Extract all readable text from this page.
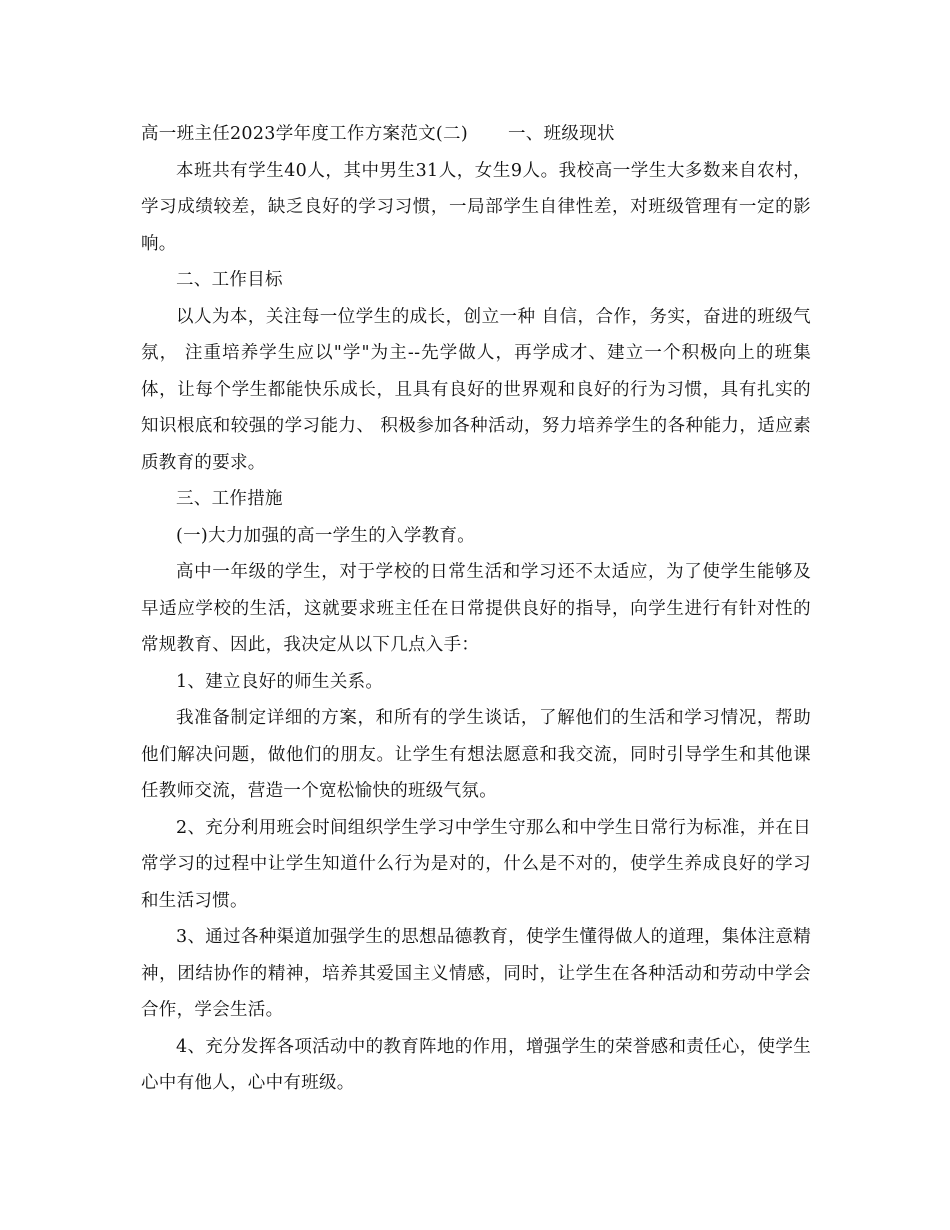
高一班主任2023学年度工作方案范文(二) 一、班级现状

本班共有学生40人，其中男生31人，女生9人。我校高一学生大多数来自农村，学习成绩较差，缺乏良好的学习习惯，一局部学生自律性差，对班级管理有一定的影响。

二、工作目标

以人为本，关注每一位学生的成长，创立一种 自信，合作，务实，奋进的班级气氛， 注重培养学生应以"学"为主--先学做人，再学成才、建立一个积极向上的班集体，让每个学生都能快乐成长，且具有良好的世界观和良好的行为习惯，具有扎实的知识根底和较强的学习能力、 积极参加各种活动，努力培养学生的各种能力，适应素质教育的要求。

三、工作措施

(一)大力加强的高一学生的入学教育。

高中一年级的学生，对于学校的日常生活和学习还不太适应，为了使学生能够及早适应学校的生活，这就要求班主任在日常提供良好的指导，向学生进行有针对性的常规教育、因此，我决定从以下几点入手：

1、建立良好的师生关系。

我准备制定详细的方案，和所有的学生谈话，了解他们的生活和学习情况，帮助他们解决问题，做他们的朋友。让学生有想法愿意和我交流，同时引导学生和其他课任教师交流，营造一个宽松愉快的班级气氛。

2、充分利用班会时间组织学生学习中学生守那么和中学生日常行为标准，并在日常学习的过程中让学生知道什么行为是对的，什么是不对的，使学生养成良好的学习和生活习惯。

3、通过各种渠道加强学生的思想品德教育，使学生懂得做人的道理，集体注意精神，团结协作的精神，培养其爱国主义情感，同时，让学生在各种活动和劳动中学会合作，学会生活。

4、充分发挥各项活动中的教育阵地的作用，增强学生的荣誉感和责任心，使学生心中有他人，心中有班级。
